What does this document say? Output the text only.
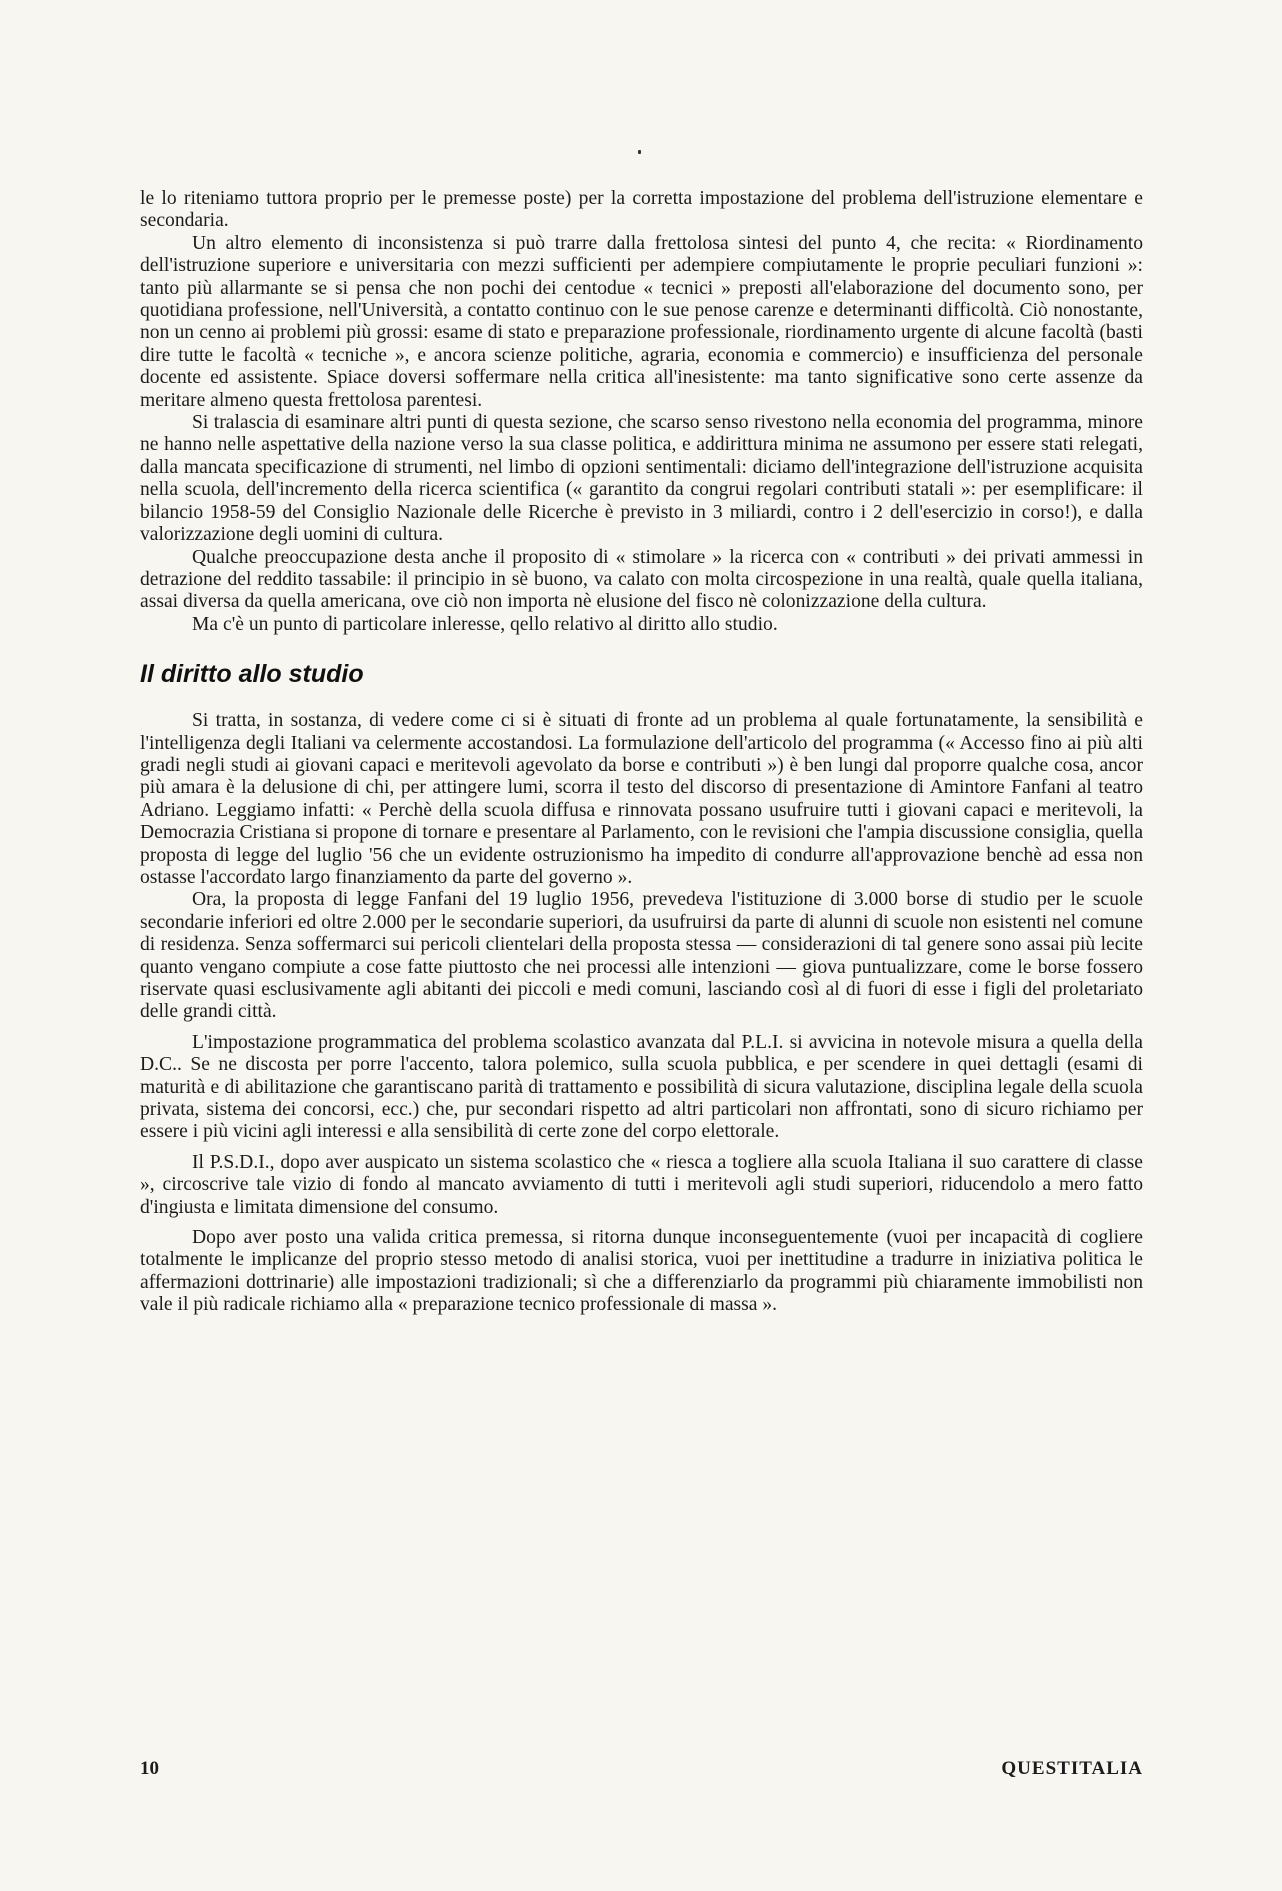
le lo riteniamo tuttora proprio per le premesse poste) per la corretta impostazione del problema dell'istruzione elementare e secondaria.

Un altro elemento di inconsistenza si può trarre dalla frettolosa sintesi del punto 4, che recita: « Riordinamento dell'istruzione superiore e universitaria con mezzi sufficienti per adempiere compiutamente le proprie peculiari funzioni »: tanto più allarmante se si pensa che non pochi dei centodue « tecnici » preposti all'elaborazione del documento sono, per quotidiana professione, nell'Università, a contatto continuo con le sue penose carenze e determinanti difficoltà. Ciò nonostante, non un cenno ai problemi più grossi: esame di stato e preparazione professionale, riordinamento urgente di alcune facoltà (basti dire tutte le facoltà « tecniche », e ancora scienze politiche, agraria, economia e commercio) e insufficienza del personale docente ed assistente. Spiace doversi soffermare nella critica all'inesistente: ma tanto significative sono certe assenze da meritare almeno questa frettolosa parentesi.

Si tralascia di esaminare altri punti di questa sezione, che scarso senso rivestono nella economia del programma, minore ne hanno nelle aspettative della nazione verso la sua classe politica, e addirittura minima ne assumono per essere stati relegati, dalla mancata specificazione di strumenti, nel limbo di opzioni sentimentali: diciamo dell'integrazione dell'istruzione acquisita nella scuola, dell'incremento della ricerca scientifica (« garantito da congrui regolari contributi statali »: per esemplificare: il bilancio 1958-59 del Consiglio Nazionale delle Ricerche è previsto in 3 miliardi, contro i 2 dell'esercizio in corso!), e dalla valorizzazione degli uomini di cultura.

Qualche preoccupazione desta anche il proposito di « stimolare » la ricerca con « contributi » dei privati ammessi in detrazione del reddito tassabile: il principio in sè buono, va calato con molta circospezione in una realtà, quale quella italiana, assai diversa da quella americana, ove ciò non importa nè elusione del fisco nè colonizzazione della cultura.

Ma c'è un punto di particolare inleresse, qello relativo al diritto allo studio.

Il diritto allo studio

Si tratta, in sostanza, di vedere come ci si è situati di fronte ad un problema al quale fortunatamente, la sensibilità e l'intelligenza degli Italiani va celermente accostandosi. La formulazione dell'articolo del programma (« Accesso fino ai più alti gradi negli studi ai giovani capaci e meritevoli agevolato da borse e contributi ») è ben lungi dal proporre qualche cosa, ancor più amara è la delusione di chi, per attingere lumi, scorra il testo del discorso di presentazione di Amintore Fanfani al teatro Adriano. Leggiamo infatti: « Perchè della scuola diffusa e rinnovata possano usufruire tutti i giovani capaci e meritevoli, la Democrazia Cristiana si propone di tornare e presentare al Parlamento, con le revisioni che l'ampia discussione consiglia, quella proposta di legge del luglio '56 che un evidente ostruzionismo ha impedito di condurre all'approvazione benchè ad essa non ostasse l'accordato largo finanziamento da parte del governo ».

Ora, la proposta di legge Fanfani del 19 luglio 1956, prevedeva l'istituzione di 3.000 borse di studio per le scuole secondarie inferiori ed oltre 2.000 per le secondarie superiori, da usufruirsi da parte di alunni di scuole non esistenti nel comune di residenza. Senza soffermarci sui pericoli clientelari della proposta stessa — considerazioni di tal genere sono assai più lecite quanto vengano compiute a cose fatte piuttosto che nei processi alle intenzioni — giova puntualizzare, come le borse fossero riservate quasi esclusivamente agli abitanti dei piccoli e medi comuni, lasciando così al di fuori di esse i figli del proletariato delle grandi città.

L'impostazione programmatica del problema scolastico avanzata dal P.L.I. si avvicina in notevole misura a quella della D.C.. Se ne discosta per porre l'accento, talora polemico, sulla scuola pubblica, e per scendere in quei dettagli (esami di maturità e di abilitazione che garantiscano parità di trattamento e possibilità di sicura valutazione, disciplina legale della scuola privata, sistema dei concorsi, ecc.) che, pur secondari rispetto ad altri particolari non affrontati, sono di sicuro richiamo per essere i più vicini agli interessi e alla sensibilità di certe zone del corpo elettorale.

Il P.S.D.I., dopo aver auspicato un sistema scolastico che « riesca a togliere alla scuola Italiana il suo carattere di classe », circoscrive tale vizio di fondo al mancato avviamento di tutti i meritevoli agli studi superiori, riducendolo a mero fatto d'ingiusta e limitata dimensione del consumo.

Dopo aver posto una valida critica premessa, si ritorna dunque inconseguentemente (vuoi per incapacità di cogliere totalmente le implicanze del proprio stesso metodo di analisi storica, vuoi per inettitudine a tradurre in iniziativa politica le affermazioni dottrinarie) alle impostazioni tradizionali; sì che a differenziarlo da programmi più chiaramente immobilisti non vale il più radicale richiamo alla « preparazione tecnico professionale di massa ».

10	QUESTITALIA
